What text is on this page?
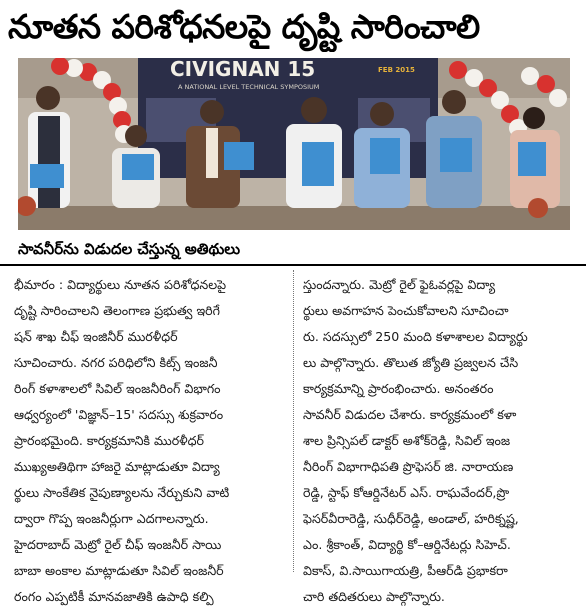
నూతన పరిశోధనలపై దృష్టి సారించాలి
CIVIGNAN 15
A NATIONAL LEVEL TECHNICAL SYMPOSIUM
FEB 2015
సావనీర్‌ను విడుదల చేస్తున్న అతిథులు
భీమారం : విద్యార్థులు నూతన పరిశోధనలపై
దృష్టి సారించాలని తెలంగాణ ప్రభుత్వ ఇరిగే
షన్ శాఖ చీఫ్ ఇంజినీర్ మురళీధర్
సూచించారు. నగర పరిధిలోని కిట్స్ ఇంజనీ
రింగ్ కళాశాలలో సివిల్ ఇంజనీరింగ్ విభాగం
ఆధ్వర్యంలో 'విజ్ఞాన్–15' సదస్సు శుక్రవారం
ప్రారంభమైంది. కార్యక్రమానికి మురళీధర్
ముఖ్యఅతిథిగా హాజరై మాట్లాడుతూ విద్యా
ర్థులు సాంకేతిక నైపుణ్యాలను నేర్చుకుని వాటి
ద్వారా గొప్ప ఇంజనీర్లుగా ఎదగాలన్నారు.
హైదరాబాద్ మెట్రో రైల్ చీఫ్ ఇంజనీర్ సాయి
బాబా అంకాల మాట్లాడుతూ సివిల్ ఇంజనీర్
రంగం ఎప్పటికీ మానవజాతికి ఉపాధి కల్పి
స్తుందన్నారు. మెట్రో రైల్ ఫైఓవర్లపై విద్యా
ర్థులు అవగాహన పెంచుకోవాలని సూచించా
రు. సదస్సులో 250 మంది కళాశాలల విద్యార్థు
లు పాల్గొన్నారు. తొలుత జ్యోతి ప్రజ్వలన చేసి
కార్యక్రమాన్ని ప్రారంభించారు. అనంతరం
సావనీర్ విడుదల చేశారు. కార్యక్రమంలో కళా
శాల ప్రిన్సిపల్ డాక్టర్ అశోక్‌రెడ్డి, సివిల్ ఇంజ
నీరింగ్ విభాగాధిపతి ప్రొఫెసర్ జి. నారాయణ
రెడ్డి, స్టాఫ్ కోఆర్డినేటర్ ఎస్. రాఘవేందర్,ప్రొ
ఫెసర్‌వీరారెడ్డి, సుధీర్‌రెడ్డి, అండాల్, హరిక్నష్ణ,
ఎం. శ్రీకాంత్, విద్యార్థి కో–ఆర్డినేటర్లు సిహెచ్.
వికాస్, వి.సాయిగాయత్రి, పీఆర్‌డి ప్రభాకరా
చారి తదితరులు పాల్గొన్నారు.
